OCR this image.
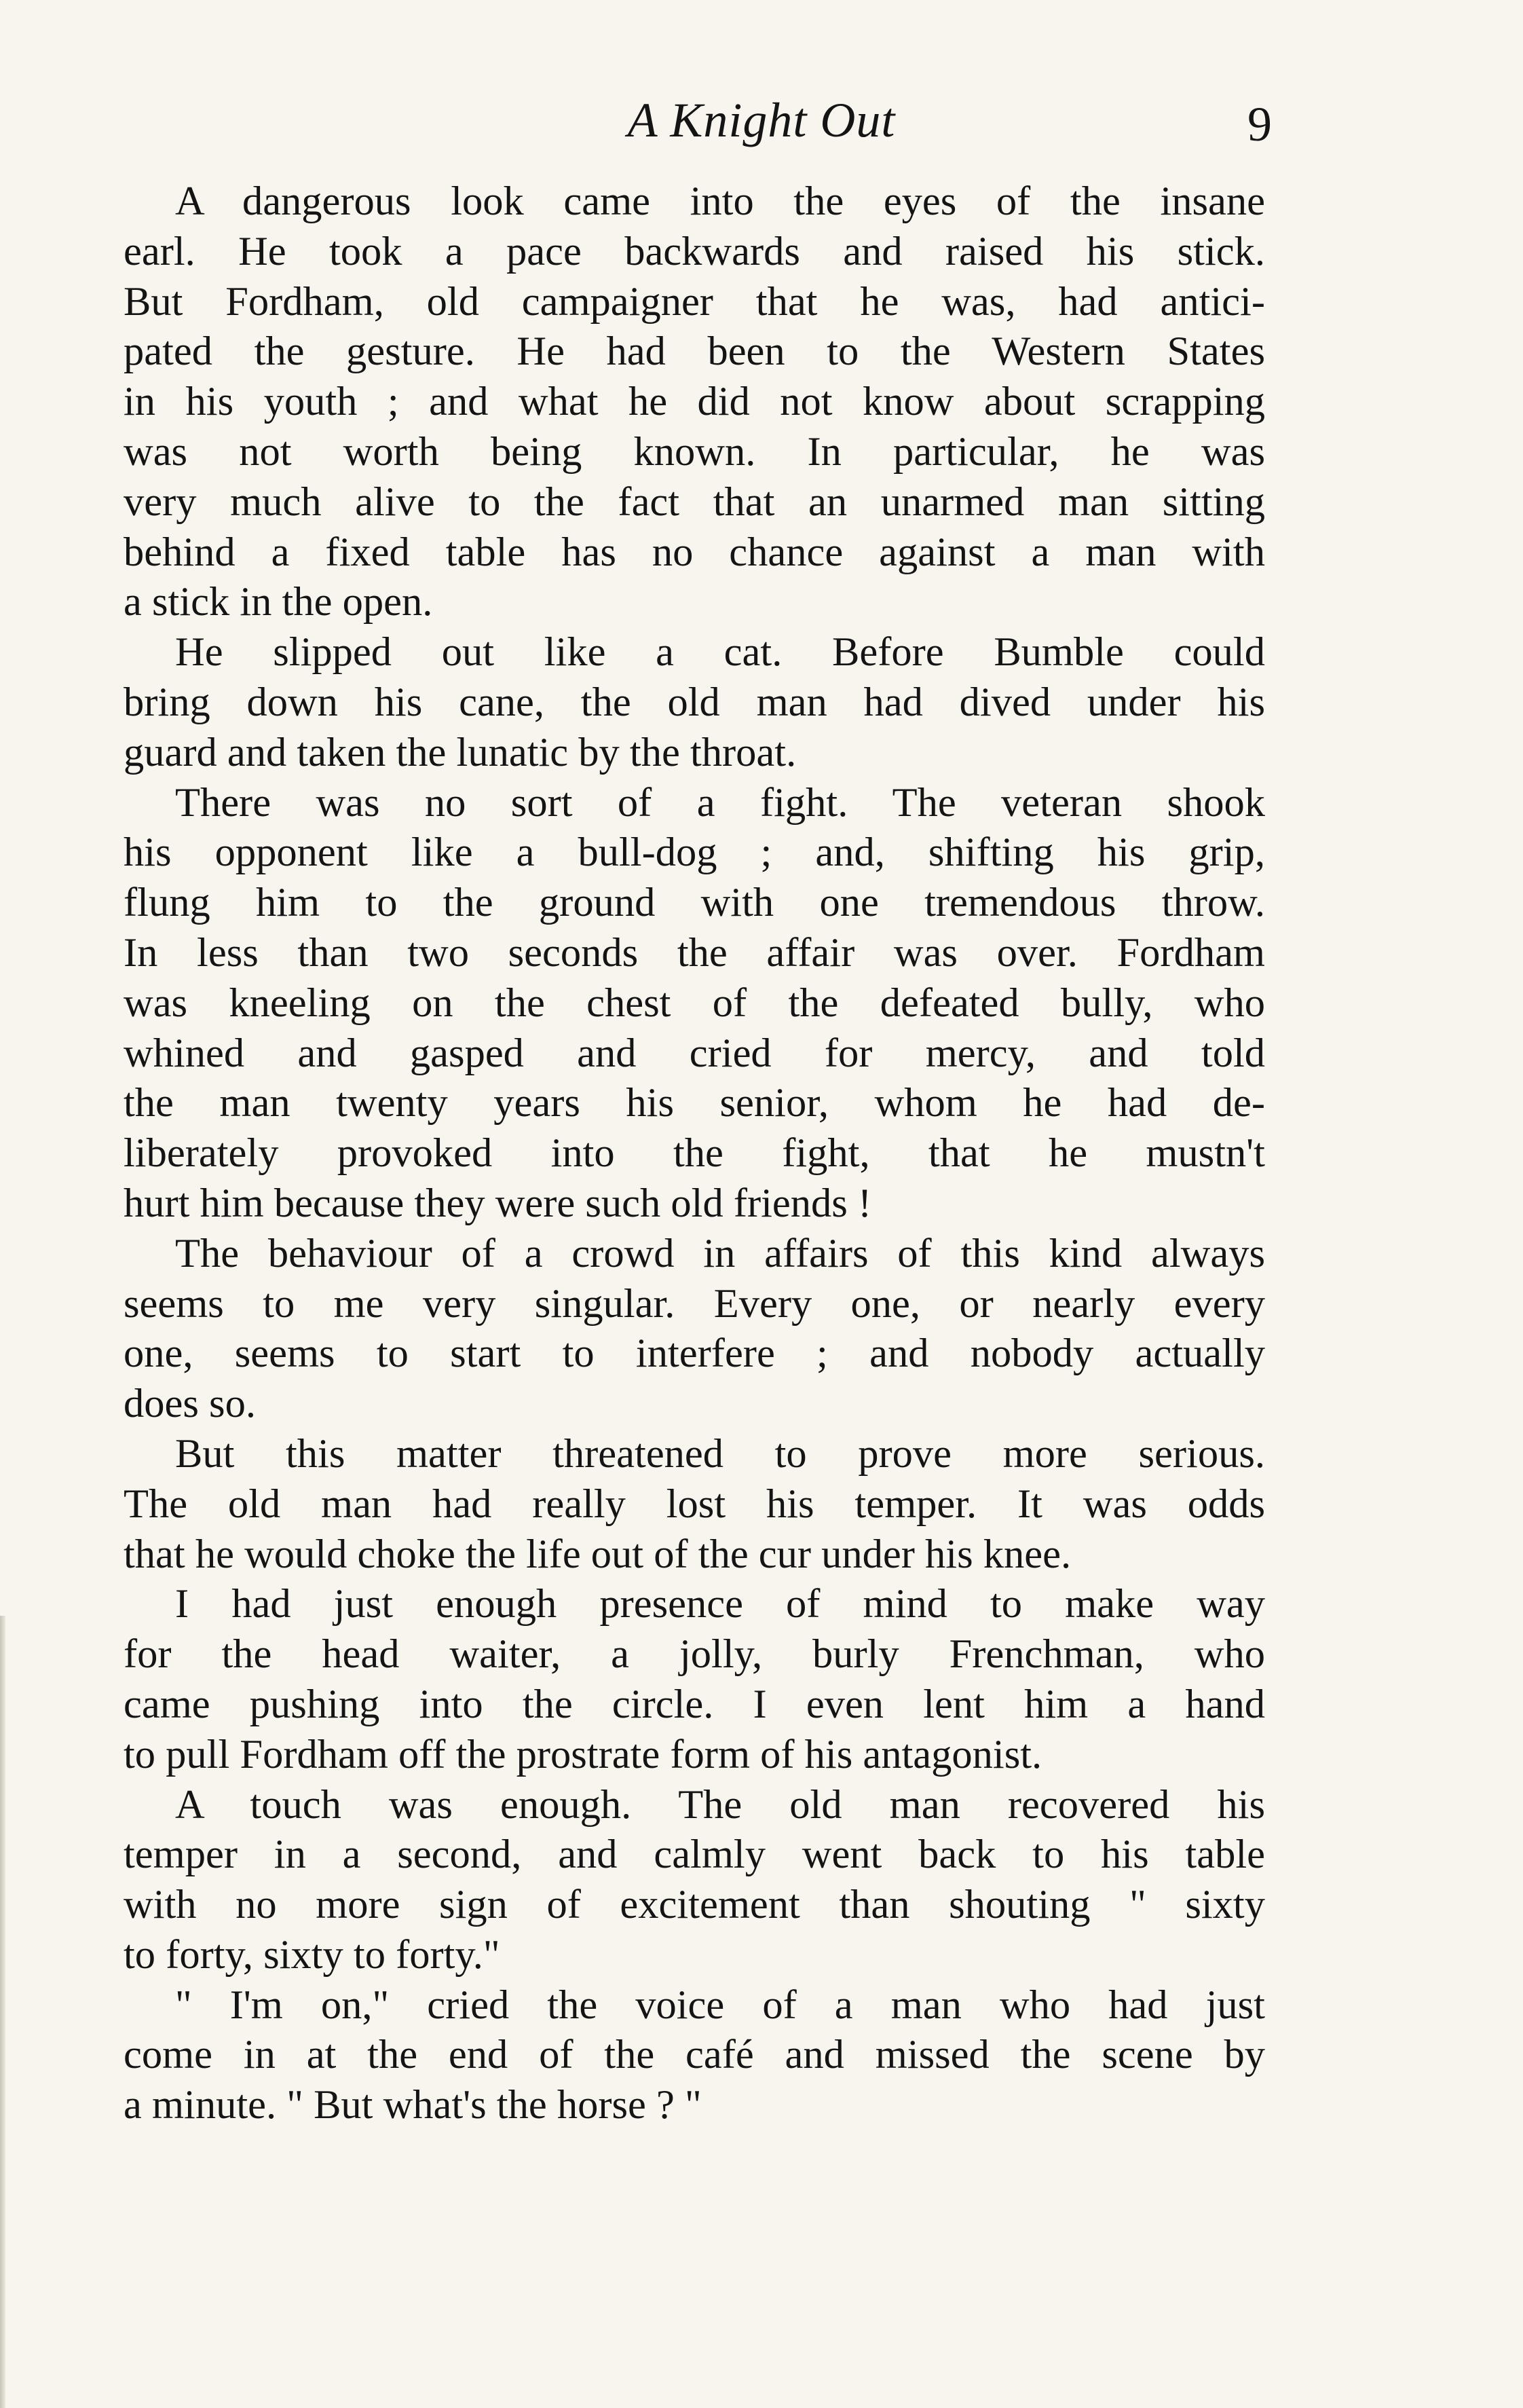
A Knight Out	9
A dangerous look came into the eyes of the insane
earl. He took a pace backwards and raised his stick.
But Fordham, old campaigner that he was, had antici-
pated the gesture. He had been to the Western States
in his youth ; and what he did not know about scrapping
was not worth being known. In particular, he was
very much alive to the fact that an unarmed man sitting
behind a fixed table has no chance against a man with
a stick in the open.
He slipped out like a cat. Before Bumble could
bring down his cane, the old man had dived under his
guard and taken the lunatic by the throat.
There was no sort of a fight. The veteran shook
his opponent like a bull-dog ; and, shifting his grip,
flung him to the ground with one tremendous throw.
In less than two seconds the affair was over. Fordham
was kneeling on the chest of the defeated bully, who
whined and gasped and cried for mercy, and told
the man twenty years his senior, whom he had de-
liberately provoked into the fight, that he mustn't
hurt him because they were such old friends !
The behaviour of a crowd in affairs of this kind always
seems to me very singular. Every one, or nearly every
one, seems to start to interfere ; and nobody actually
does so.
But this matter threatened to prove more serious.
The old man had really lost his temper. It was odds
that he would choke the life out of the cur under his knee.
I had just enough presence of mind to make way
for the head waiter, a jolly, burly Frenchman, who
came pushing into the circle. I even lent him a hand
to pull Fordham off the prostrate form of his antagonist.
A touch was enough. The old man recovered his
temper in a second, and calmly went back to his table
with no more sign of excitement than shouting " sixty
to forty, sixty to forty."
" I'm on," cried the voice of a man who had just
come in at the end of the café and missed the scene by
a minute. " But what's the horse ? "
